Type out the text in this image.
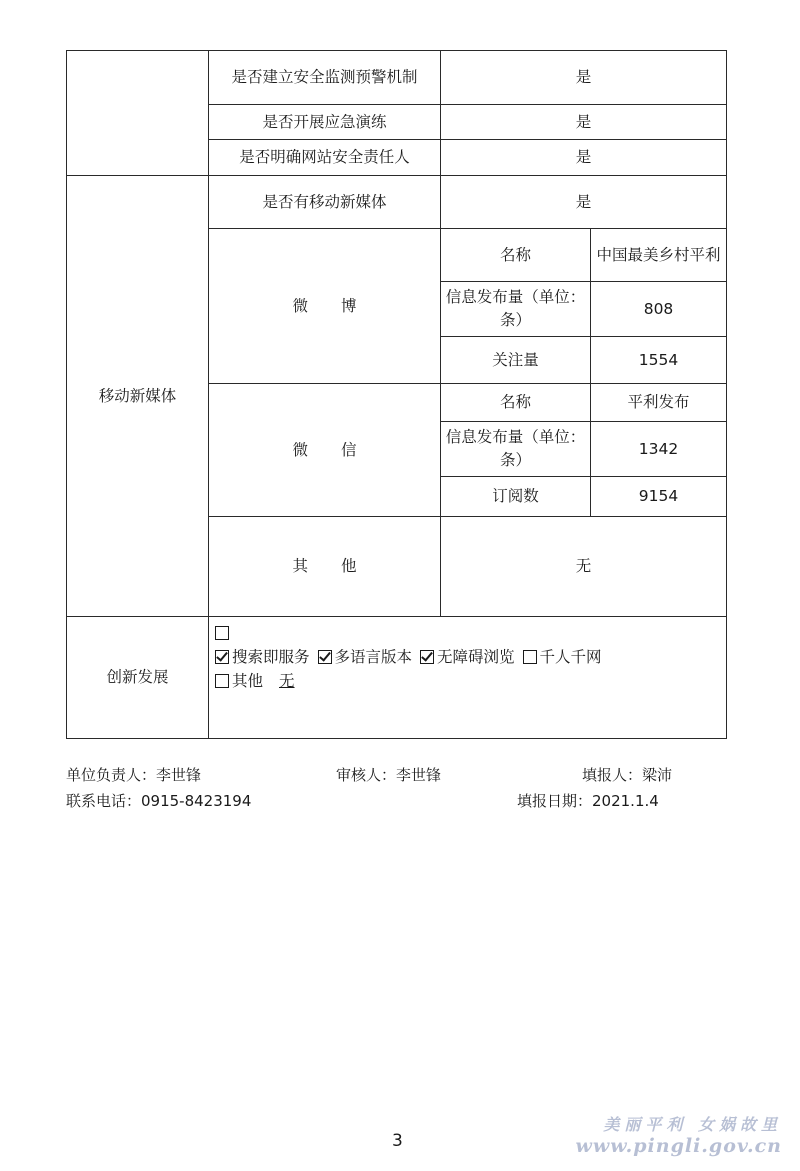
	是否建立安全监测预警机制	是	
	是否开展应急演练	是	
	是否明确网站安全责任人	是	
移动新媒体	是否有移动新媒体	是	
	微 博	名称	中国最美乡村平利
		信息发布量（单位：条）	808
		关注量	1554
	微 信	名称	平利发布
		信息发布量（单位：条）	1342
		订阅数	9154
	其 他	无	
创新发展	搜索即服务 多语言版本 无障碍浏览 千人千网
其他 无		
单位负责人：李世锋	审核人：李世锋	填报人：梁沛
联系电话：0915-8423194	填报日期：2021.1.4
3
美丽平利 女娲故里
www.pingli.gov.cn
